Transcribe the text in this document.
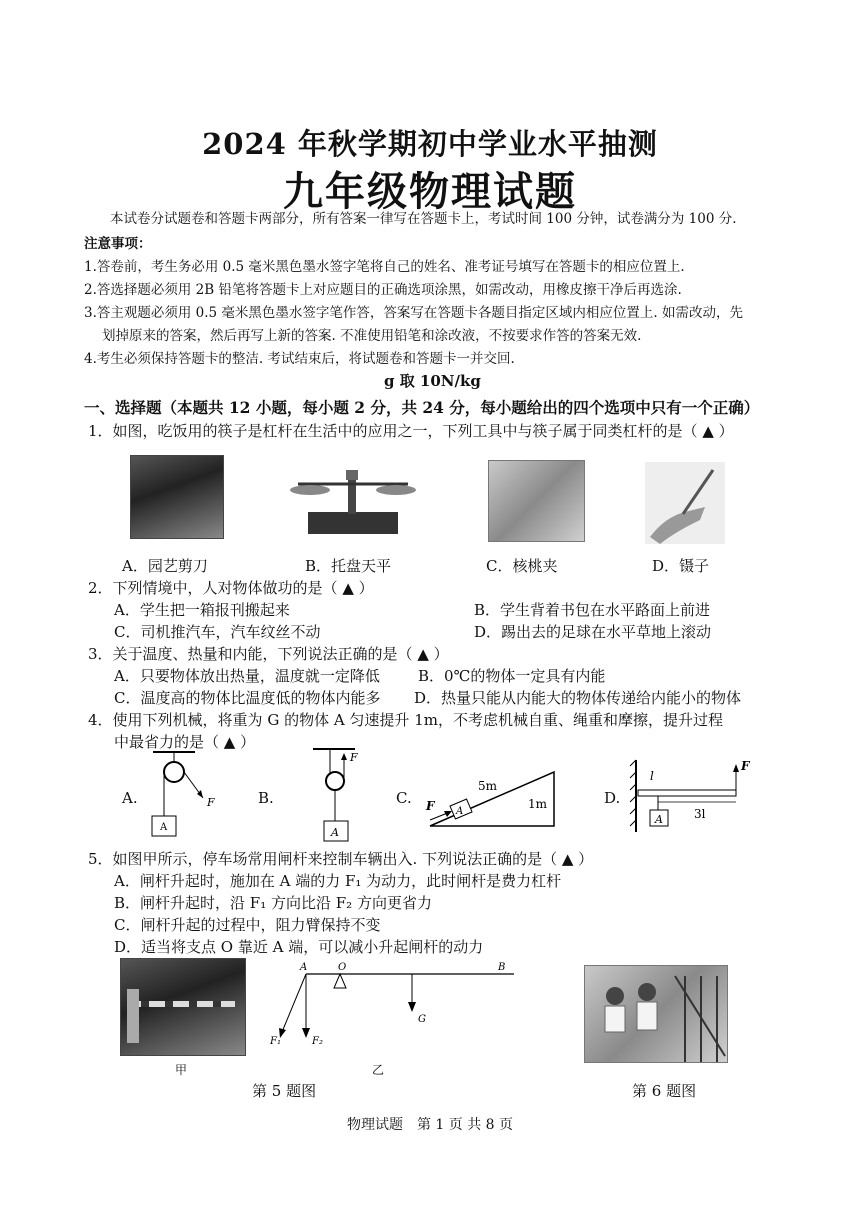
2024 年秋学期初中学业水平抽测
九年级物理试题
本试卷分试题卷和答题卡两部分，所有答案一律写在答题卡上，考试时间 100 分钟，试卷满分为 100 分.
注意事项：
1.答卷前，考生务必用 0.5 毫米黑色墨水签字笔将自己的姓名、准考证号填写在答题卡的相应位置上.
2.答选择题必须用 2B 铅笔将答题卡上对应题目的正确选项涂黑，如需改动，用橡皮擦干净后再选涂.
3.答主观题必须用 0.5 毫米黑色墨水签字笔作答，答案写在答题卡各题目指定区域内相应位置上. 如需改动，先
划掉原来的答案，然后再写上新的答案. 不准使用铅笔和涂改液，不按要求作答的答案无效.
4.考生必须保持答题卡的整洁. 考试结束后，将试题卷和答题卡一并交回.
g 取 10N/kg
一、选择题（本题共 12 小题，每小题 2 分，共 24 分，每小题给出的四个选项中只有一个正确）
1．如图，吃饭用的筷子是杠杆在生活中的应用之一，下列工具中与筷子属于同类杠杆的是（ ▲ ）
A．园艺剪刀	B．托盘天平	C．核桃夹	D．镊子
2．下列情境中，人对物体做功的是（ ▲ ）
A．学生把一箱报刊搬起来	B．学生背着书包在水平路面上前进
C．司机推汽车，汽车纹丝不动	D．踢出去的足球在水平草地上滚动
3．关于温度、热量和内能，下列说法正确的是（ ▲ ）
A．只要物体放出热量，温度就一定降低	B．0℃的物体一定具有内能
C．温度高的物体比温度低的物体内能多 D．热量只能从内能大的物体传递给内能小的物体
4．使用下列机械，将重为 G 的物体 A 匀速提升 1m，不考虑机械自重、绳重和摩擦，提升过程
中最省力的是（ ▲ ）
A.
A
F	B.
A
F
C.
A
F
5m
1m	D.
F
A
l
3l
5．如图甲所示，停车场常用闸杆来控制车辆出入. 下列说法正确的是（ ▲ ）
A．闸杆升起时，施加在 A 端的力 F₁ 为动力，此时闸杆是费力杠杆
B．闸杆升起时，沿 F₁ 方向比沿 F₂ 方向更省力
C．闸杆升起的过程中，阻力臂保持不变
D．适当将支点 O 靠近 A 端，可以减小升起闸杆的动力
甲
A	O	B
G
F₁	F₂
乙
第 5 题图	第 6 题图
物理试题　第 1 页 共 8 页
